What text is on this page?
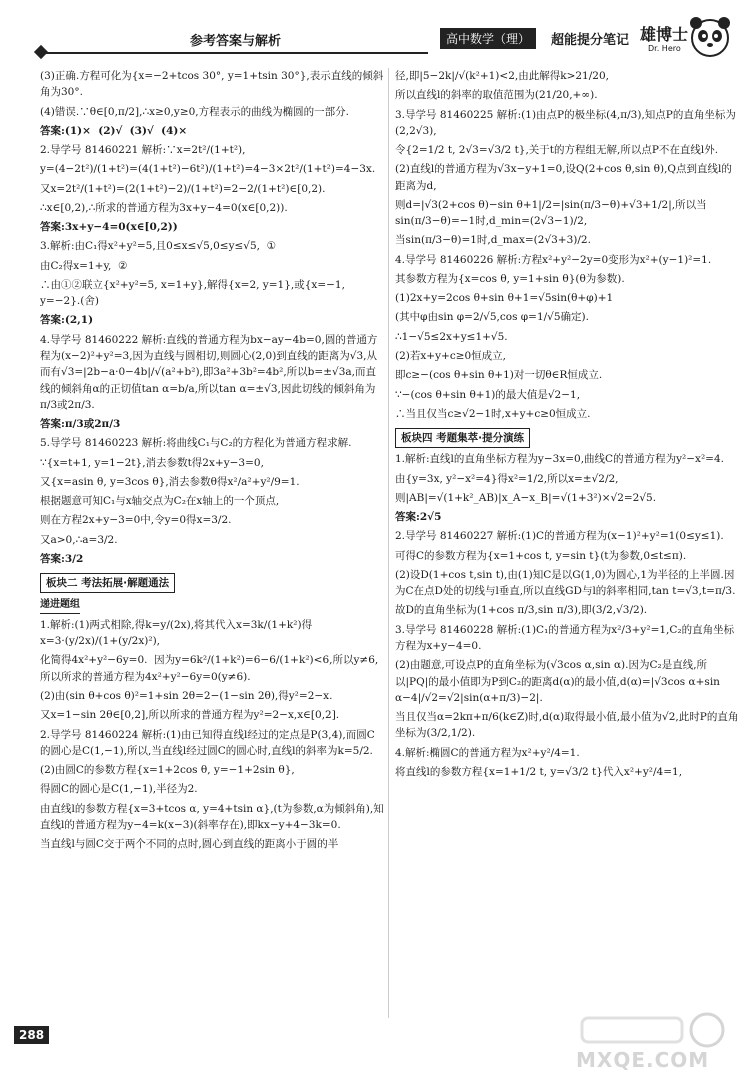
参考答案与解析	高中数学（理）	超能提分笔记 雄博士
Dr. Hero

(3)正确.方程可化为{x=−2+tcos 30°, y=1+tsin 30°},表示直线的倾斜角为30°.

(4)错误.∵θ∈[0,π/2],∴x≥0,y≥0,方程表示的曲线为椭圆的一部分.

答案:(1)×  (2)√  (3)√  (4)×

2.导学号 81460221 解析:∵x=2t²/(1+t²),

y=(4−2t²)/(1+t²)=(4(1+t²)−6t²)/(1+t²)=4−3×2t²/(1+t²)=4−3x.

又x=2t²/(1+t²)=(2(1+t²)−2)/(1+t²)=2−2/(1+t²)∈[0,2).

∴x∈[0,2),∴所求的普通方程为3x+y−4=0(x∈[0,2)).

答案:3x+y−4=0(x∈[0,2))

3.解析:由C₁得x²+y²=5,且0≤x≤√5,0≤y≤√5,  ①

由C₂得x=1+y,  ②

∴由①②联立{x²+y²=5, x=1+y},解得{x=2, y=1},或{x=−1, y=−2}.(舍)

答案:(2,1)

4.导学号 81460222 解析:直线的普通方程为bx−ay−4b=0,圆的普通方程为(x−2)²+y²=3,因为直线与圆相切,则圆心(2,0)到直线的距离为√3,从而有√3=|2b−a·0−4b|/√(a²+b²),即3a²+3b²=4b²,所以b=±√3a,而直线的倾斜角α的正切值tan α=b/a,所以tan α=±√3,因此切线的倾斜角为π/3或2π/3.

答案:π/3或2π/3

5.导学号 81460223 解析:将曲线C₁与C₂的方程化为普通方程求解.

∵{x=t+1, y=1−2t},消去参数t得2x+y−3=0,

又{x=asin θ, y=3cos θ},消去参数θ得x²/a²+y²/9=1.

根据题意可知C₁与x轴交点为C₂在x轴上的一个顶点,

则在方程2x+y−3=0中,令y=0得x=3/2.

又a>0,∴a=3/2.

答案:3/2

板块二 考法拓展·解题通法
递进题组

1.解析:(1)两式相除,得k=y/(2x),将其代入x=3k/(1+k²)得x=3·(y/2x)/(1+(y/2x)²),

化简得4x²+y²−6y=0.  因为y=6k²/(1+k²)=6−6/(1+k²)<6,所以y≠6,所以所求的普通方程为4x²+y²−6y=0(y≠6).

(2)由(sin θ+cos θ)²=1+sin 2θ=2−(1−sin 2θ),得y²=2−x.

又x=1−sin 2θ∈[0,2],所以所求的普通方程为y²=2−x,x∈[0,2].

2.导学号 81460224 解析:(1)由已知得直线l经过的定点是P(3,4),而圆C的圆心是C(1,−1),所以,当直线l经过圆C的圆心时,直线l的斜率为k=5/2.

(2)由圆C的参数方程{x=1+2cos θ, y=−1+2sin θ},

得圆C的圆心是C(1,−1),半径为2.

由直线l的参数方程{x=3+tcos α, y=4+tsin α},(t为参数,α为倾斜角),知直线l的普通方程为y−4=k(x−3)(斜率存在),即kx−y+4−3k=0.

当直线l与圆C交于两个不同的点时,圆心到直线的距离小于圆的半

径,即|5−2k|/√(k²+1)<2,由此解得k>21/20,

所以直线l的斜率的取值范围为(21/20,+∞).

3.导学号 81460225 解析:(1)由点P的极坐标(4,π/3),知点P的直角坐标为(2,2√3),

令{2=1/2 t, 2√3=√3/2 t},关于t的方程组无解,所以点P不在直线l外.

(2)直线l的普通方程为√3x−y+1=0,设Q(2+cos θ,sin θ),Q点到直线l的距离为d,

则d=|√3(2+cos θ)−sin θ+1|/2=|sin(π/3−θ)+√3+1/2|,所以当sin(π/3−θ)=−1时,d_min=(2√3−1)/2,

当sin(π/3−θ)=1时,d_max=(2√3+3)/2.

4.导学号 81460226 解析:方程x²+y²−2y=0变形为x²+(y−1)²=1.

其参数方程为{x=cos θ, y=1+sin θ}(θ为参数).

(1)2x+y=2cos θ+sin θ+1=√5sin(θ+φ)+1

(其中φ由sin φ=2/√5,cos φ=1/√5确定).

∴1−√5≤2x+y≤1+√5.

(2)若x+y+c≥0恒成立,

即c≥−(cos θ+sin θ+1)对一切θ∈R恒成立.

∵−(cos θ+sin θ+1)的最大值是√2−1,

∴当且仅当c≥√2−1时,x+y+c≥0恒成立.

板块四 考题集萃·提分演练

1.解析:直线l的直角坐标方程为y−3x=0,曲线C的普通方程为y²−x²=4.

由{y=3x, y²−x²=4}得x²=1/2,所以x=±√2/2,

则|AB|=√(1+k²_AB)|x_A−x_B|=√(1+3²)×√2=2√5.

答案:2√5

2.导学号 81460227 解析:(1)C的普通方程为(x−1)²+y²=1(0≤y≤1).

可得C的参数方程为{x=1+cos t, y=sin t}(t为参数,0≤t≤π).

(2)设D(1+cos t,sin t),由(1)知C是以G(1,0)为圆心,1为半径的上半圆.因为C在点D处的切线与l垂直,所以直线GD与l的斜率相同,tan t=√3,t=π/3.

故D的直角坐标为(1+cos π/3,sin π/3),即(3/2,√3/2).

3.导学号 81460228 解析:(1)C₁的普通方程为x²/3+y²=1,C₂的直角坐标方程为x+y−4=0.

(2)由题意,可设点P的直角坐标为(√3cos α,sin α).因为C₂是直线,所以|PQ|的最小值即为P到C₂的距离d(α)的最小值,d(α)=|√3cos α+sin α−4|/√2=√2|sin(α+π/3)−2|.

当且仅当α=2kπ+π/6(k∈Z)时,d(α)取得最小值,最小值为√2,此时P的直角坐标为(3/2,1/2).

4.解析:椭圆C的普通方程为x²+y²/4=1.

将直线l的参数方程{x=1+1/2 t, y=√3/2 t}代入x²+y²/4=1,

288
MXQE.COM
